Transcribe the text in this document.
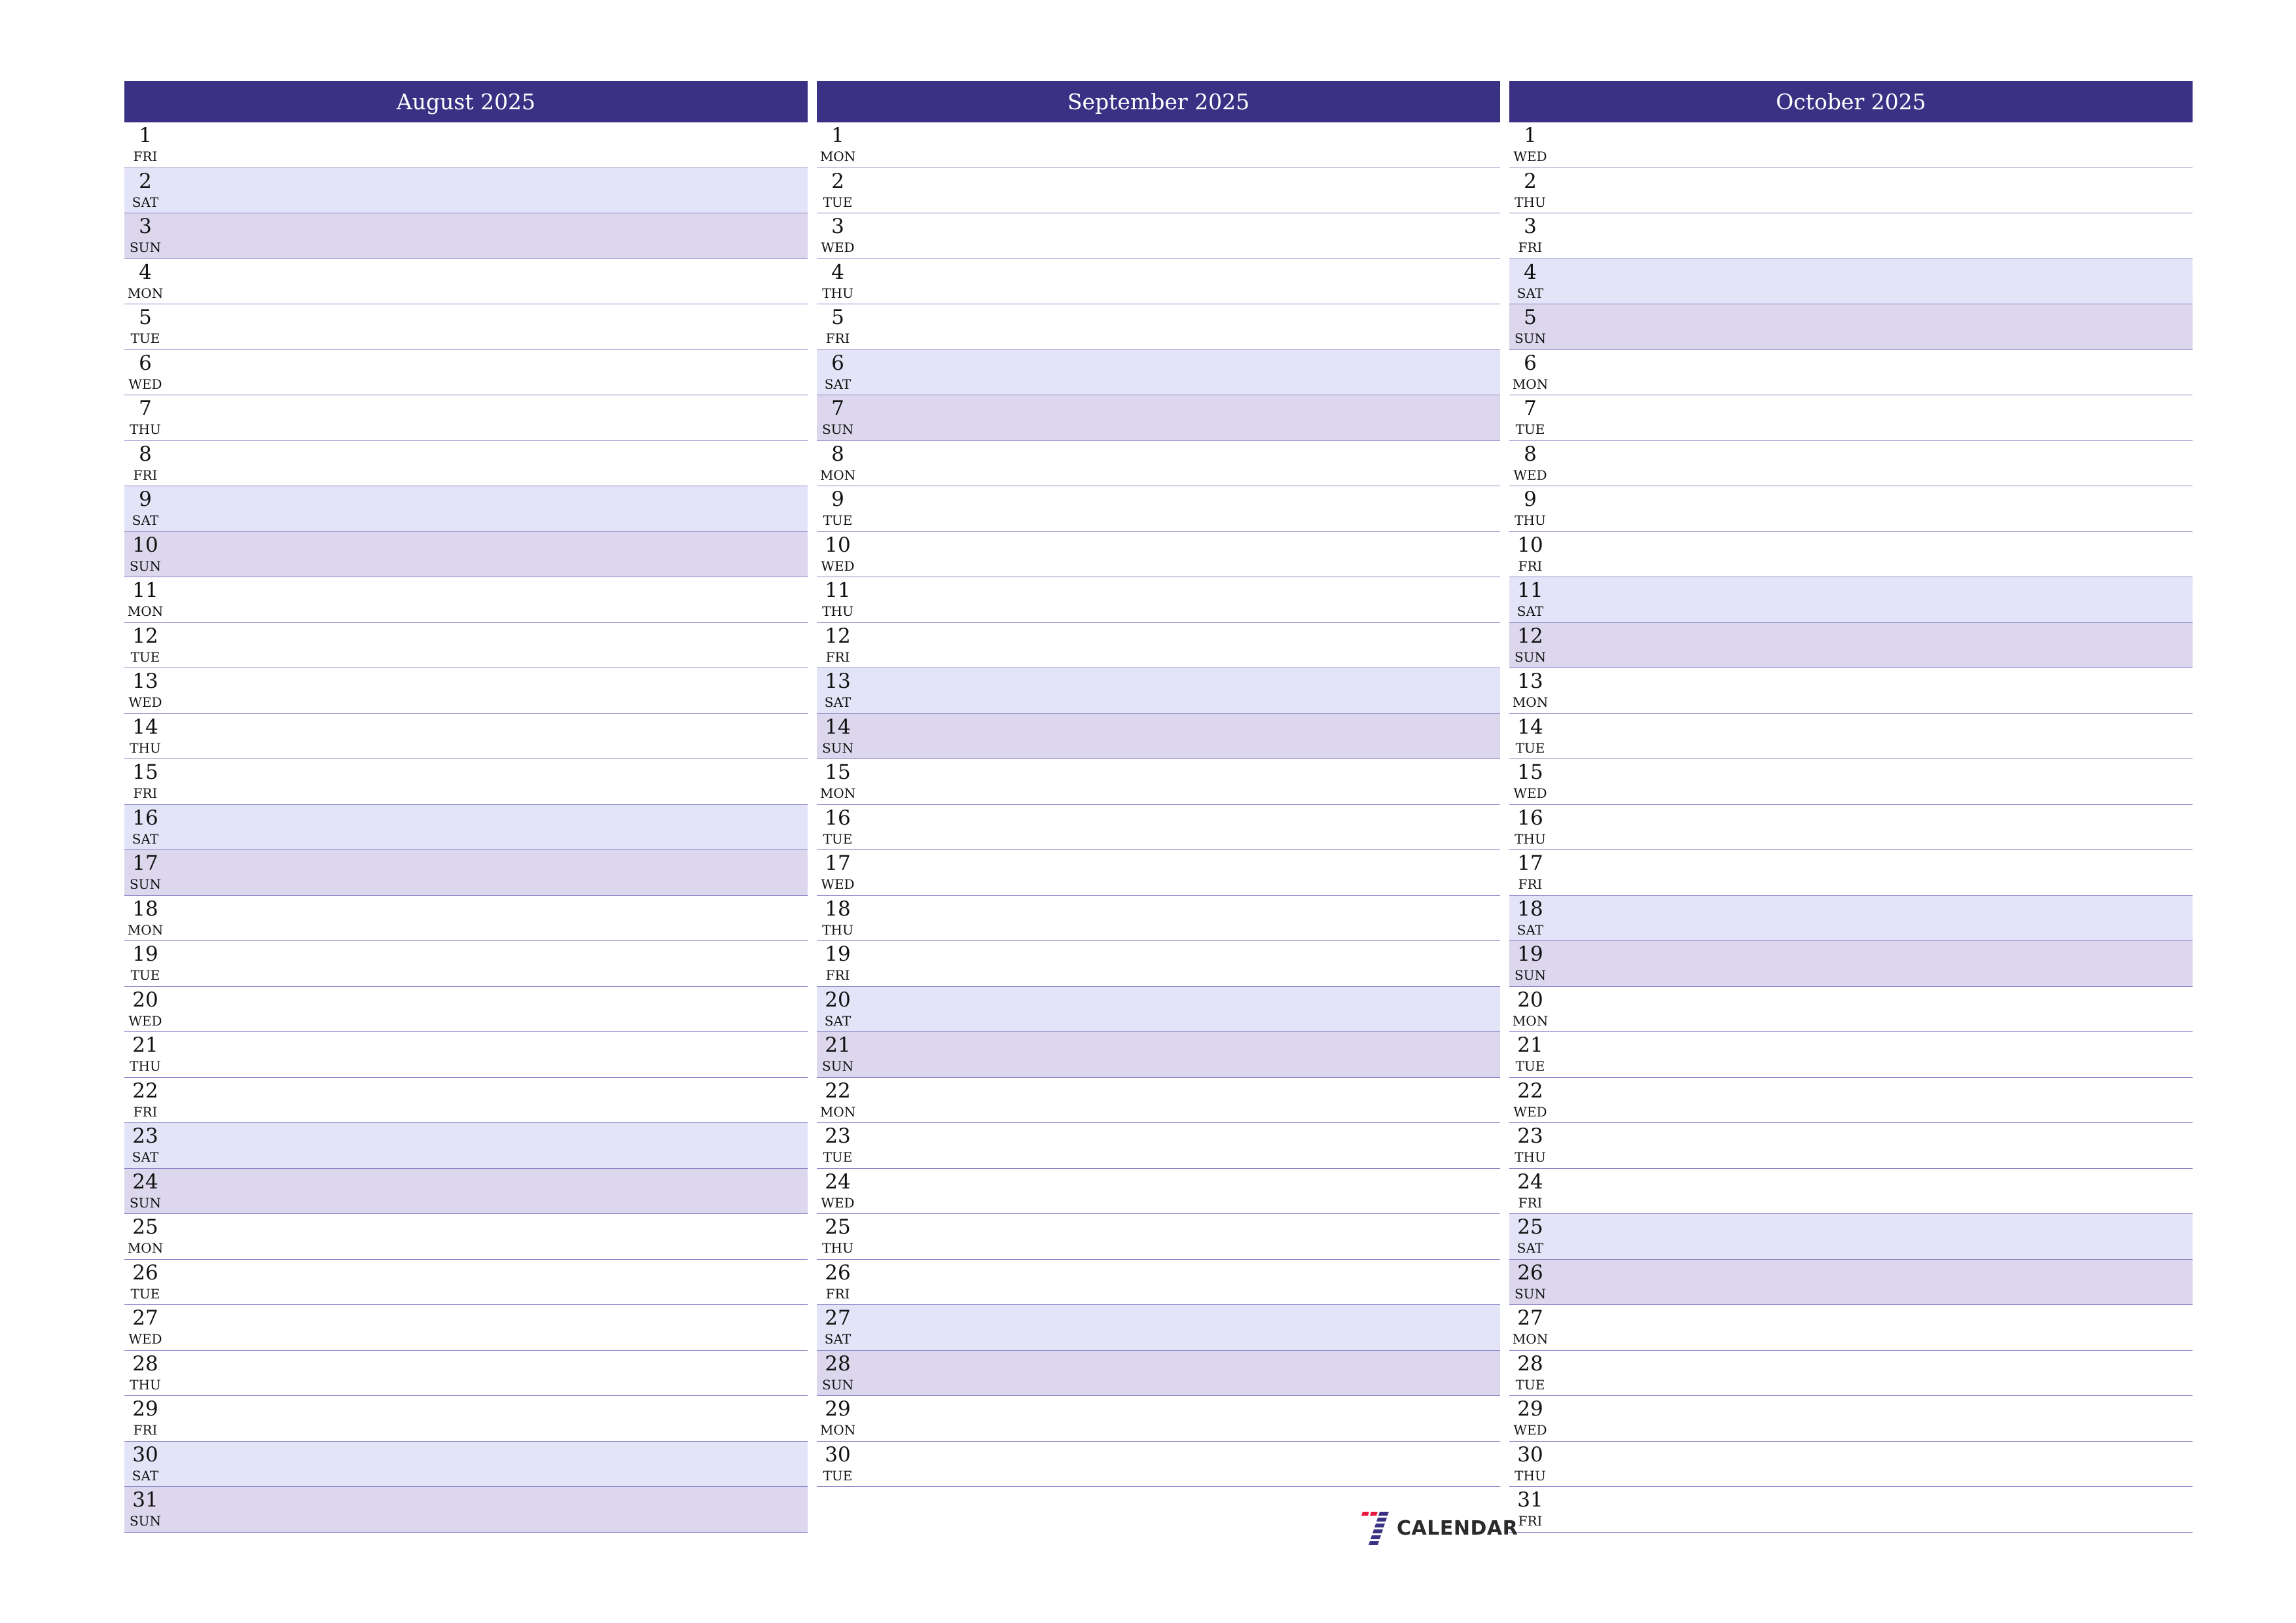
August 2025
1
FRI
2
SAT
3
SUN
4
MON
5
TUE
6
WED
7
THU
8
FRI
9
SAT
10
SUN
11
MON
12
TUE
13
WED
14
THU
15
FRI
16
SAT
17
SUN
18
MON
19
TUE
20
WED
21
THU
22
FRI
23
SAT
24
SUN
25
MON
26
TUE
27
WED
28
THU
29
FRI
30
SAT
31
SUN
September 2025
1
MON
2
TUE
3
WED
4
THU
5
FRI
6
SAT
7
SUN
8
MON
9
TUE
10
WED
11
THU
12
FRI
13
SAT
14
SUN
15
MON
16
TUE
17
WED
18
THU
19
FRI
20
SAT
21
SUN
22
MON
23
TUE
24
WED
25
THU
26
FRI
27
SAT
28
SUN
29
MON
30
TUE
October 2025
1
WED
2
THU
3
FRI
4
SAT
5
SUN
6
MON
7
TUE
8
WED
9
THU
10
FRI
11
SAT
12
SUN
13
MON
14
TUE
15
WED
16
THU
17
FRI
18
SAT
19
SUN
20
MON
21
TUE
22
WED
23
THU
24
FRI
25
SAT
26
SUN
27
MON
28
TUE
29
WED
30
THU
31
FRI
CALENDAR
